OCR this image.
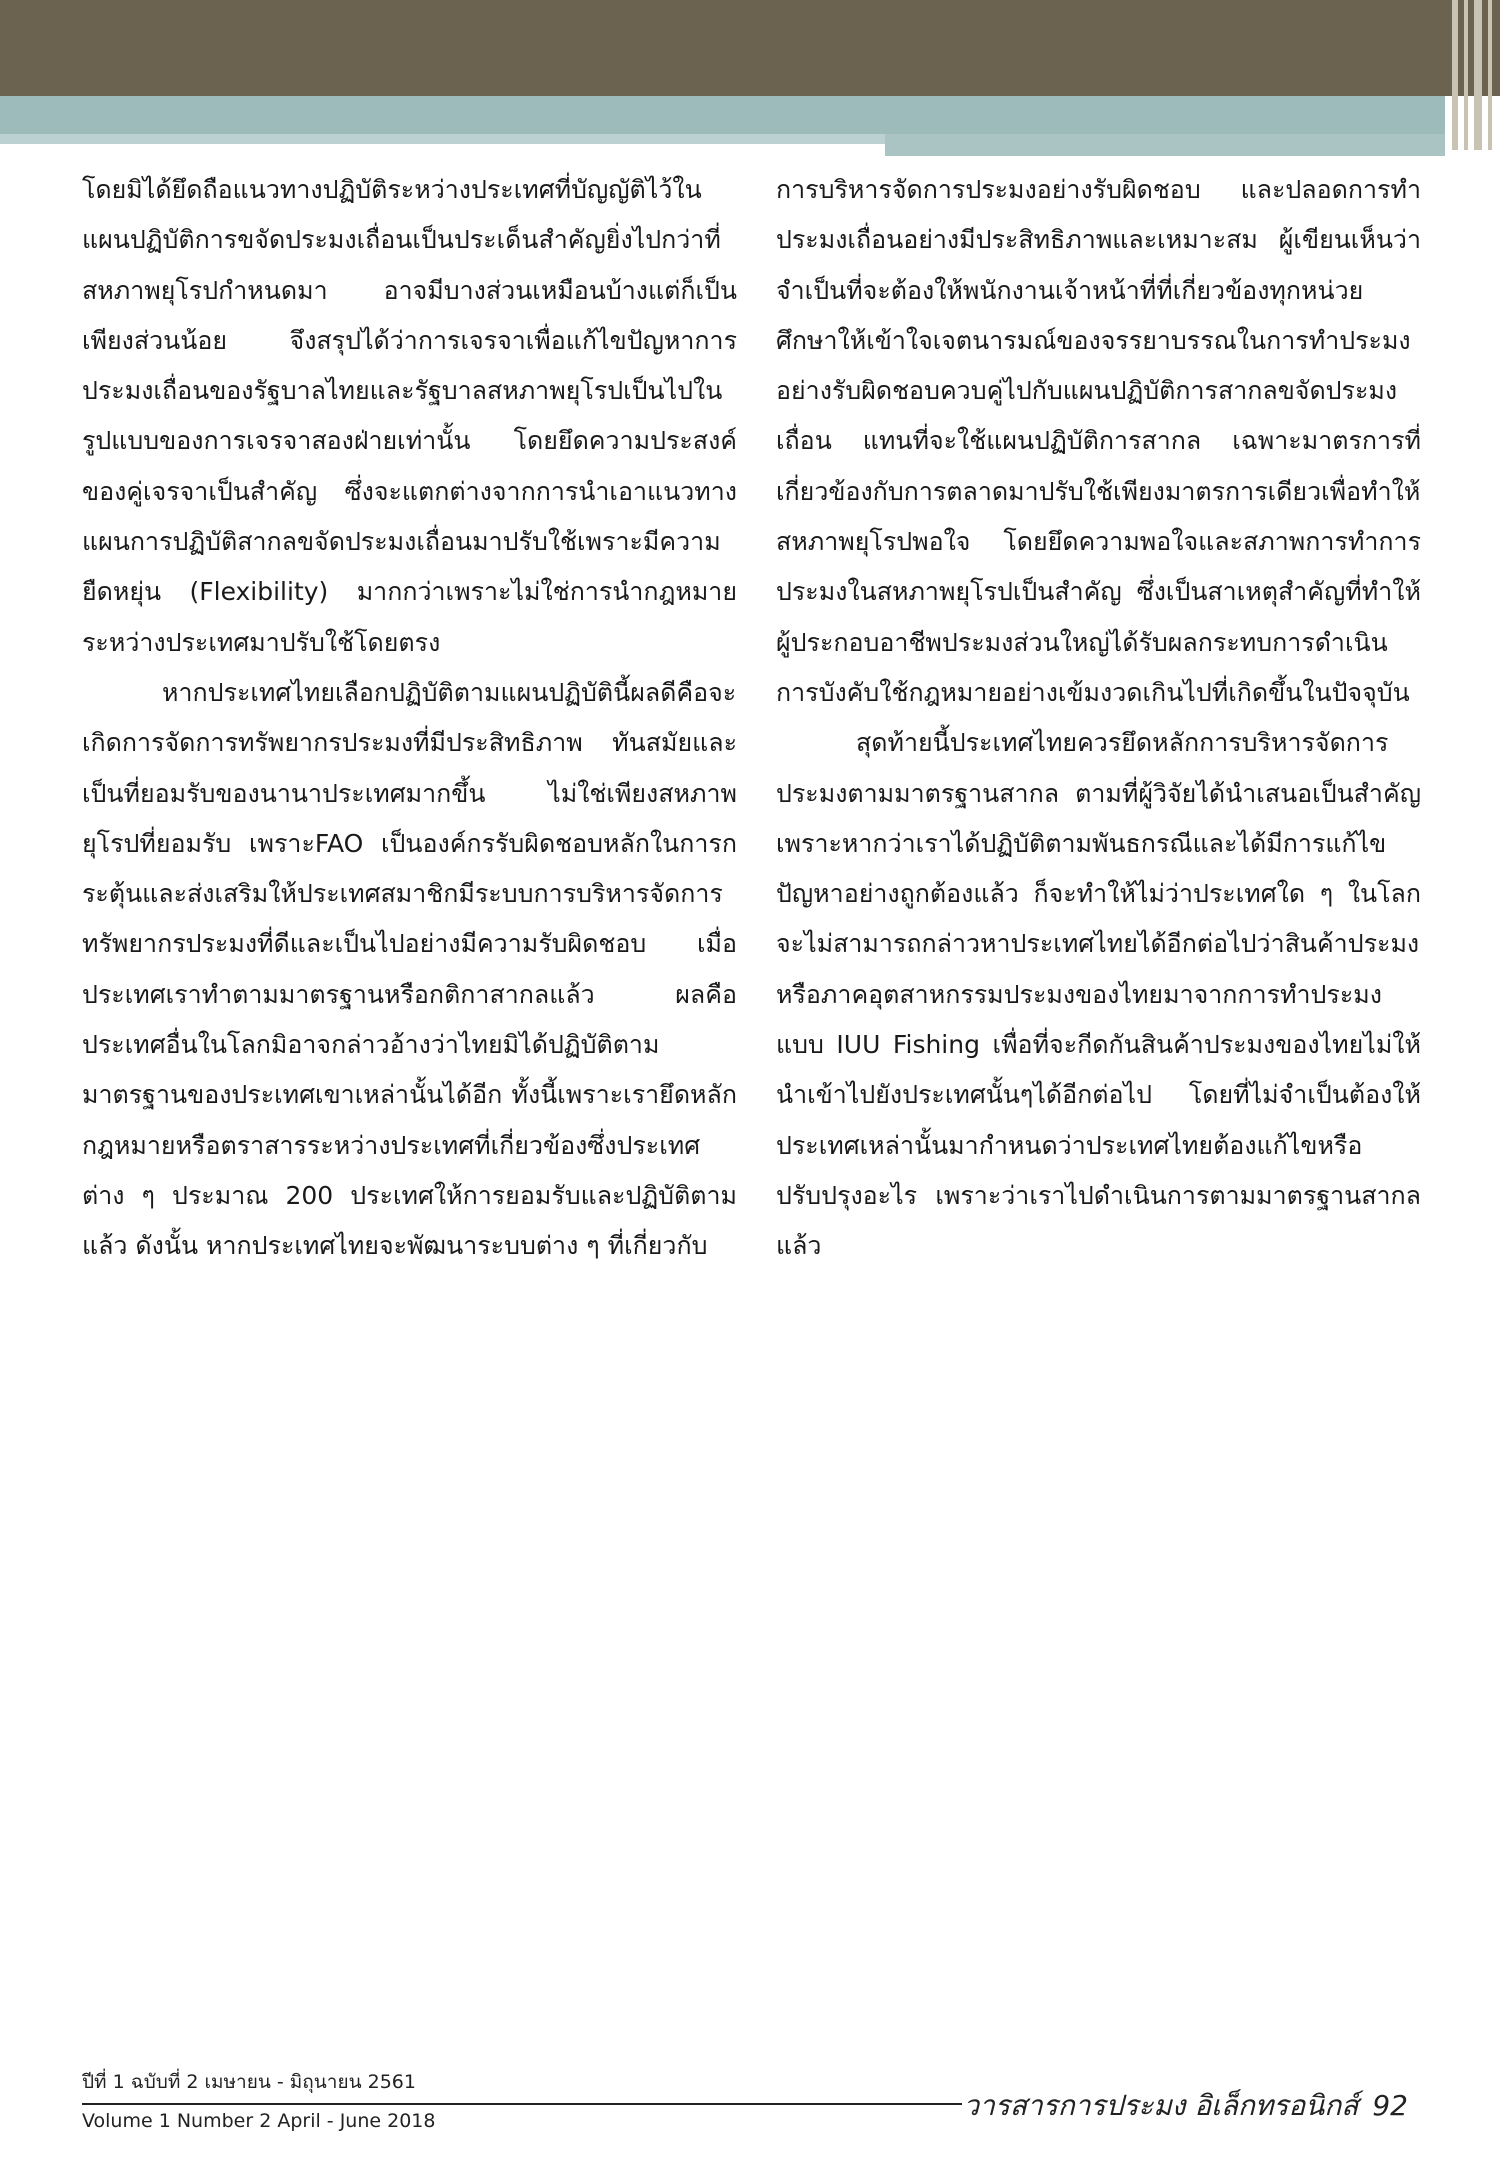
โดยมิได้ยึดถือแนวทางปฏิบัติระหว่างประเทศที่บัญญัติไว้ในแผนปฏิบัติการขจัดประมงเถื่อนเป็นประเด็นสำคัญยิ่งไปกว่าที่สหภาพยุโรปกำหนดมา อาจมีบางส่วนเหมือนบ้างแต่ก็เป็นเพียงส่วนน้อย จึงสรุปได้ว่าการเจรจาเพื่อแก้ไขปัญหาการประมงเถื่อนของรัฐบาลไทยและรัฐบาลสหภาพยุโรปเป็นไปในรูปแบบของการเจรจาสองฝ่ายเท่านั้น โดยยึดความประสงค์ของคู่เจรจาเป็นสำคัญ ซึ่งจะแตกต่างจากการนำเอาแนวทางแผนการปฏิบัติสากลขจัดประมงเถื่อนมาปรับใช้เพราะมีความยืดหยุ่น (Flexibility) มากกว่าเพราะไม่ใช่การนำกฎหมายระหว่างประเทศมาปรับใช้โดยตรง

หากประเทศไทยเลือกปฏิบัติตามแผนปฏิบัตินี้ผลดีคือจะเกิดการจัดการทรัพยากรประมงที่มีประสิทธิภาพ ทันสมัยและเป็นที่ยอมรับของนานาประเทศมากขึ้น ไม่ใช่เพียงสหภาพยุโรปที่ยอมรับ เพราะFAO เป็นองค์กรรับผิดชอบหลักในการกระตุ้นและส่งเสริมให้ประเทศสมาชิกมีระบบการบริหารจัดการทรัพยากรประมงที่ดีและเป็นไปอย่างมีความรับผิดชอบ เมื่อประเทศเราทำตามมาตรฐานหรือกติกาสากลแล้ว ผลคือประเทศอื่นในโลกมิอาจกล่าวอ้างว่าไทยมิได้ปฏิบัติตามมาตรฐานของประเทศเขาเหล่านั้นได้อีก ทั้งนี้เพราะเรายึดหลักกฎหมายหรือตราสารระหว่างประเทศที่เกี่ยวข้องซึ่งประเทศต่าง ๆ ประมาณ 200 ประเทศให้การยอมรับและปฏิบัติตาม แล้ว ดังนั้น หากประเทศไทยจะพัฒนาระบบต่าง ๆ ที่เกี่ยวกับ

การบริหารจัดการประมงอย่างรับผิดชอบ และปลอดการทำประมงเถื่อนอย่างมีประสิทธิภาพและเหมาะสม ผู้เขียนเห็นว่าจำเป็นที่จะต้องให้พนักงานเจ้าหน้าที่ที่เกี่ยวข้องทุกหน่วยศึกษาให้เข้าใจเจตนารมณ์ของจรรยาบรรณในการทำประมงอย่างรับผิดชอบควบคู่ไปกับแผนปฏิบัติการสากลขจัดประมงเถื่อน แทนที่จะใช้แผนปฏิบัติการสากล เฉพาะมาตรการที่เกี่ยวข้องกับการตลาดมาปรับใช้เพียงมาตรการเดียวเพื่อทำให้สหภาพยุโรปพอใจ โดยยึดความพอใจและสภาพการทำการประมงในสหภาพยุโรปเป็นสำคัญ ซึ่งเป็นสาเหตุสำคัญที่ทำให้ผู้ประกอบอาชีพประมงส่วนใหญ่ได้รับผลกระทบการดำเนินการบังคับใช้กฎหมายอย่างเข้มงวดเกินไปที่เกิดขึ้นในปัจจุบัน

สุดท้ายนี้ประเทศไทยควรยึดหลักการบริหารจัดการประมงตามมาตรฐานสากล ตามที่ผู้วิจัยได้นำเสนอเป็นสำคัญ เพราะหากว่าเราได้ปฏิบัติตามพันธกรณีและได้มีการแก้ไขปัญหาอย่างถูกต้องแล้ว ก็จะทำให้ไม่ว่าประเทศใด ๆ ในโลกจะไม่สามารถกล่าวหาประเทศไทยได้อีกต่อไปว่าสินค้าประมงหรือภาคอุตสาหกรรมประมงของไทยมาจากการทำประมงแบบ IUU Fishing เพื่อที่จะกีดกันสินค้าประมงของไทยไม่ให้นำเข้าไปยังประเทศนั้นๆได้อีกต่อไป โดยที่ไม่จำเป็นต้องให้ประเทศเหล่านั้นมากำหนดว่าประเทศไทยต้องแก้ไขหรือปรับปรุงอะไร เพราะว่าเราไปดำเนินการตามมาตรฐานสากลแล้ว

ปีที่ 1 ฉบับที่ 2 เมษายน - มิถุนายน 2561
Volume 1 Number 2 April - June 2018	วารสารการประมง อิเล็กทรอนิกส์ 92
